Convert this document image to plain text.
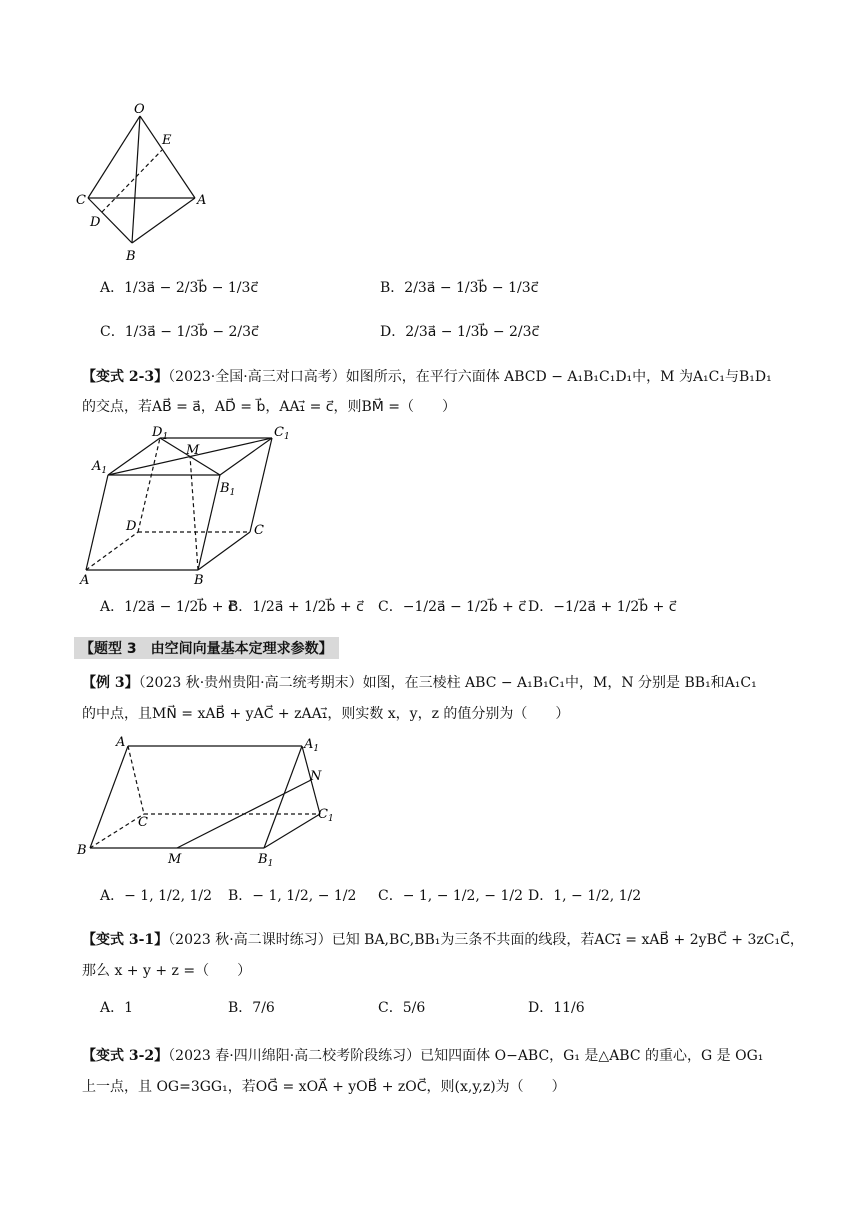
O
E
C	A
D
B
A．1/3a⃗ − 2/3b⃗ − 1/3c⃗	B．2/3a⃗ − 1/3b⃗ − 1/3c⃗
C．1/3a⃗ − 1/3b⃗ − 2/3c⃗	D．2/3a⃗ − 1/3b⃗ − 2/3c⃗
【变式 2-3】（2023·全国·高三对口高考）如图所示，在平行六面体 ABCD − A₁B₁C₁D₁中，M 为A₁C₁与B₁D₁
的交点，若AB⃗ = a⃗，AD⃗ = b⃗，AA₁⃗ = c⃗，则BM⃗ =（　　）
$D_1$	$C_1$
M
$A_1$
$B_1$
D	C
A	B
A．1/2a⃗ − 1/2b⃗ + c⃗
B．1/2a⃗ + 1/2b⃗ + c⃗ C．−1/2a⃗ − 1/2b⃗ + c⃗ D．−1/2a⃗ + 1/2b⃗ + c⃗
【题型 3　由空间向量基本定理求参数】
【例 3】（2023 秋·贵州贵阳·高二统考期末）如图，在三棱柱 ABC − A₁B₁C₁中，M，N 分别是 BB₁和A₁C₁
的中点，且MN⃗ = xAB⃗ + yAC⃗ + zAA₁⃗，则实数 x，y，z 的值分别为（　　）
A	$A_1$
N
C
$C_1$
B
M	$B_1$
A．− 1, 1/2, 1/2 B．− 1, 1/2, − 1/2 C．− 1, − 1/2, − 1/2 D．1, − 1/2, 1/2
【变式 3-1】（2023 秋·高二课时练习）已知 BA,BC,BB₁为三条不共面的线段，若AC₁⃗ = xAB⃗ + 2yBC⃗ + 3zC₁C⃗，
那么 x + y + z =（　　）
A．1	B．7/6	C．5/6	D．11/6
【变式 3-2】（2023 春·四川绵阳·高二校考阶段练习）已知四面体 O−ABC，G₁ 是△ABC 的重心，G 是 OG₁
上一点，且 OG=3GG₁，若OG⃗ = xOA⃗ + yOB⃗ + zOC⃗，则(x,y,z)为（　　）
